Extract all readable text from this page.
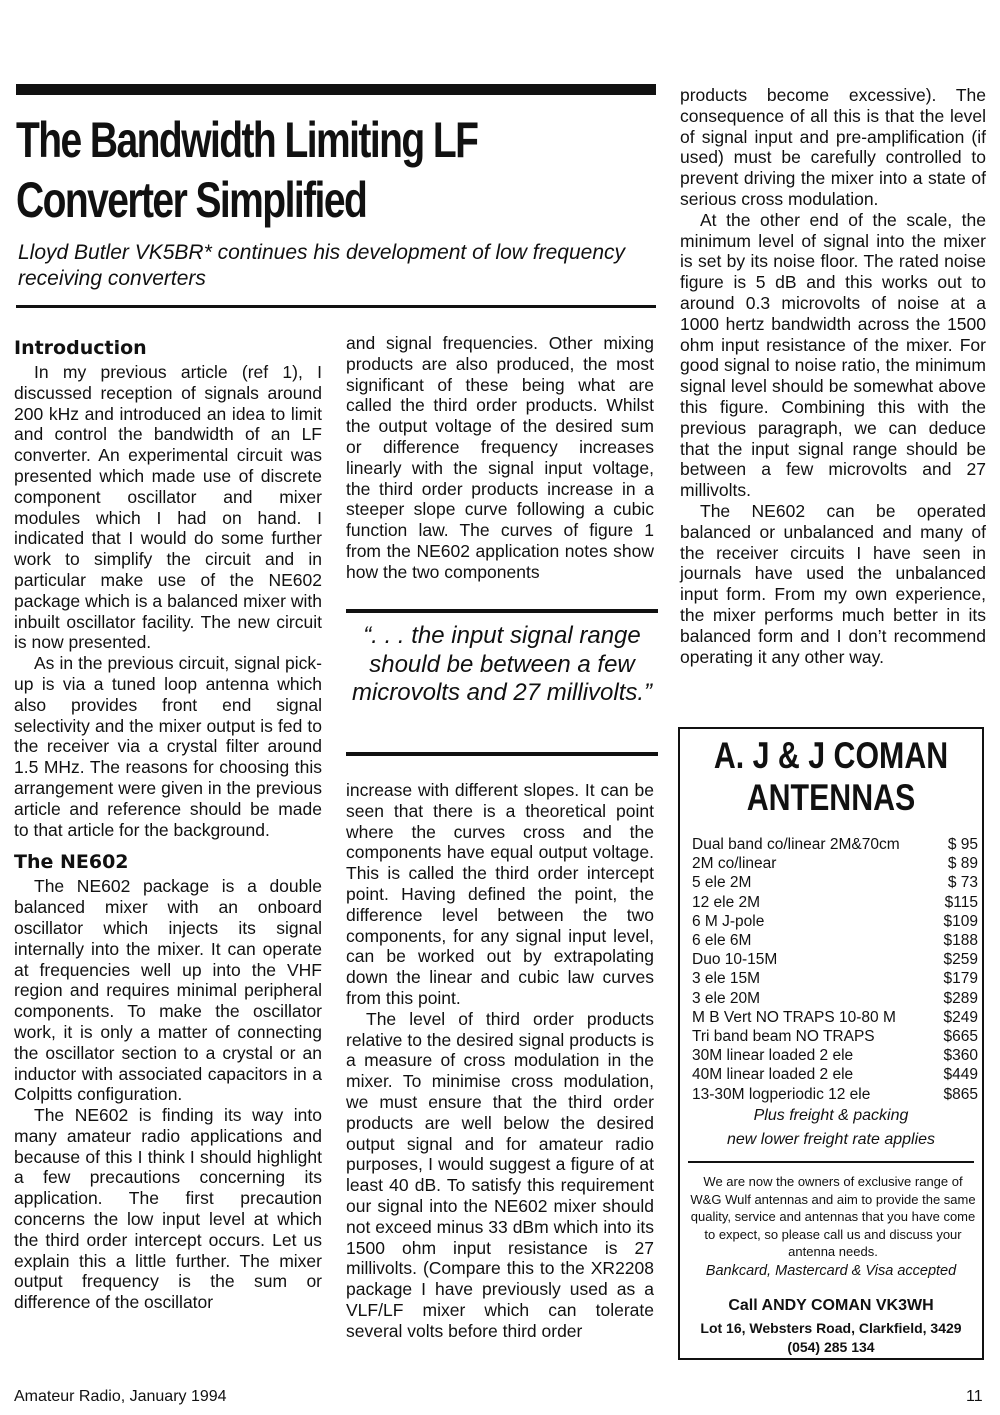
The Bandwidth Limiting LF
Converter Simplified
Lloyd Butler VK5BR* continues his development of low frequency receiving converters
Introduction

In my previous article (ref 1), I discussed reception of signals around 200 kHz and introduced an idea to limit and control the bandwidth of an LF converter. An experimental circuit was presented which made use of discrete component oscillator and mixer modules which I had on hand. I indicated that I would do some further work to simplify the circuit and in particular make use of the NE602 package which is a balanced mixer with inbuilt oscillator facility. The new circuit is now presented.

As in the previous circuit, signal pick-up is via a tuned loop antenna which also provides front end signal selectivity and the mixer output is fed to the receiver via a crystal filter around 1.5 MHz. The reasons for choosing this arrangement were given in the previous article and reference should be made to that article for the background.

The NE602

The NE602 package is a double balanced mixer with an onboard oscillator which injects its signal internally into the mixer. It can operate at frequencies well up into the VHF region and requires minimal peripheral components. To make the oscillator work, it is only a matter of connecting the oscillator section to a crystal or an inductor with associated capacitors in a Colpitts configuration.

The NE602 is finding its way into many amateur radio applications and because of this I think I should highlight a few precautions concerning its application. The first precaution concerns the low input level at which the third order intercept occurs. Let us explain this a little further. The mixer output frequency is the sum or difference of the oscillator

and signal frequencies. Other mixing products are also produced, the most significant of these being what are called the third order products. Whilst the output voltage of the desired sum or difference frequency increases linearly with the signal input voltage, the third order products increase in a steeper slope curve following a cubic function law. The curves of figure 1 from the NE602 application notes show how the two components

“. . . the input signal range should be between a few microvolts and 27 millivolts.”

increase with different slopes. It can be seen that there is a theoretical point where the curves cross and the components have equal output voltage. This is called the third order intercept point. Having defined the point, the difference level between the two components, for any signal input level, can be worked out by extrapolating down the linear and cubic law curves from this point.

The level of third order products relative to the desired signal products is a measure of cross modulation in the mixer. To minimise cross modulation, we must ensure that the third order products are well below the desired output signal and for amateur radio purposes, I would suggest a figure of at least 40 dB. To satisfy this requirement our signal into the NE602 mixer should not exceed minus 33 dBm which into its 1500 ohm input resistance is 27 millivolts. (Compare this to the XR2208 package I have previously used as a VLF/LF mixer which can tolerate several volts before third order

products become excessive). The consequence of all this is that the level of signal input and pre-amplification (if used) must be carefully controlled to prevent driving the mixer into a state of serious cross modulation.

At the other end of the scale, the minimum level of signal into the mixer is set by its noise floor. The rated noise figure is 5 dB and this works out to around 0.3 microvolts of noise at a 1000 hertz bandwidth across the 1500 ohm input resistance of the mixer. For good signal to noise ratio, the minimum signal level should be somewhat above this figure. Combining this with the previous paragraph, we can deduce that the input signal range should be between a few microvolts and 27 millivolts.

The NE602 can be operated balanced or unbalanced and many of the receiver circuits I have seen in journals have used the unbalanced input form. From my own experience, the mixer performs much better in its balanced form and I don’t recommend operating it any other way.

A. J & J COMAN
ANTENNAS
Dual band co/linear 2M&70cm	$ 95
2M co/linear	$ 89
5 ele 2M	$ 73
12 ele 2M	$115
6 M J-pole	$109
6 ele 6M	$188
Duo 10-15M	$259
3 ele 15M	$179
3 ele 20M	$289
M B Vert NO TRAPS 10-80 M	$249
Tri band beam NO TRAPS	$665
30M linear loaded 2 ele	$360
40M linear loaded 2 ele	$449
13-30M logperiodic 12 ele	$865
Plus freight & packing
new lower freight rate applies
We are now the owners of exclusive range of W&G Wulf antennas and aim to provide the same quality, service and antennas that you have come to expect, so please call us and discuss your antenna needs.
Bankcard, Mastercard & Visa accepted
Call ANDY COMAN VK3WH
Lot 16, Websters Road, Clarkfield, 3429
(054) 285 134
Amateur Radio, January 1994	11
